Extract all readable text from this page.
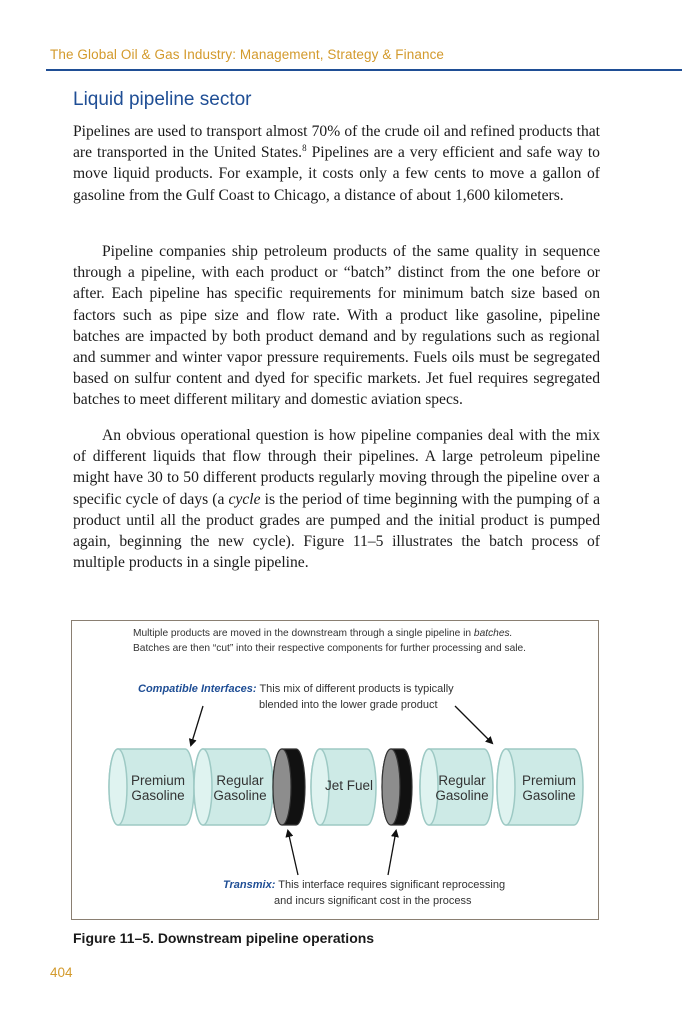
The Global Oil & Gas Industry: Management, Strategy & Finance
Liquid pipeline sector

Pipelines are used to transport almost 70% of the crude oil and refined products that are transported in the United States.$^8$ Pipelines are a very efficient and safe way to move liquid products. For example, it costs only a few cents to move a gallon of gasoline from the Gulf Coast to Chicago, a distance of about 1,600 kilometers.

Pipeline companies ship petroleum products of the same quality in sequence through a pipeline, with each product or “batch” distinct from the one before or after. Each pipeline has specific requirements for minimum batch size based on factors such as pipe size and flow rate. With a product like gasoline, pipeline batches are impacted by both product demand and by regulations such as regional and summer and winter vapor pressure requirements. Fuels oils must be segregated based on sulfur content and dyed for specific markets. Jet fuel requires segregated batches to meet different military and domestic aviation specs.

An obvious operational question is how pipeline companies deal with the mix of different liquids that flow through their pipelines. A large petroleum pipeline might have 30 to 50 different products regularly moving through the pipeline over a specific cycle of days (a cycle is the period of time beginning with the pumping of a product until all the product grades are pumped and the initial product is pumped again, beginning the new cycle). Figure 11–5 illustrates the batch process of multiple products in a single pipeline.

Multiple products are moved in the downstream through a single pipeline in batches.
Batches are then “cut” into their respective components for further processing and sale.
Compatible Interfaces: This mix of different products is typically
blended into the lower grade product
Premium
Gasoline
Regular
Gasoline
Jet Fuel	Regular
Gasoline
Premium
Gasoline
Transmix: This interface requires significant reprocessing
and incurs significant cost in the process

Figure 11–5. Downstream pipeline operations

404
